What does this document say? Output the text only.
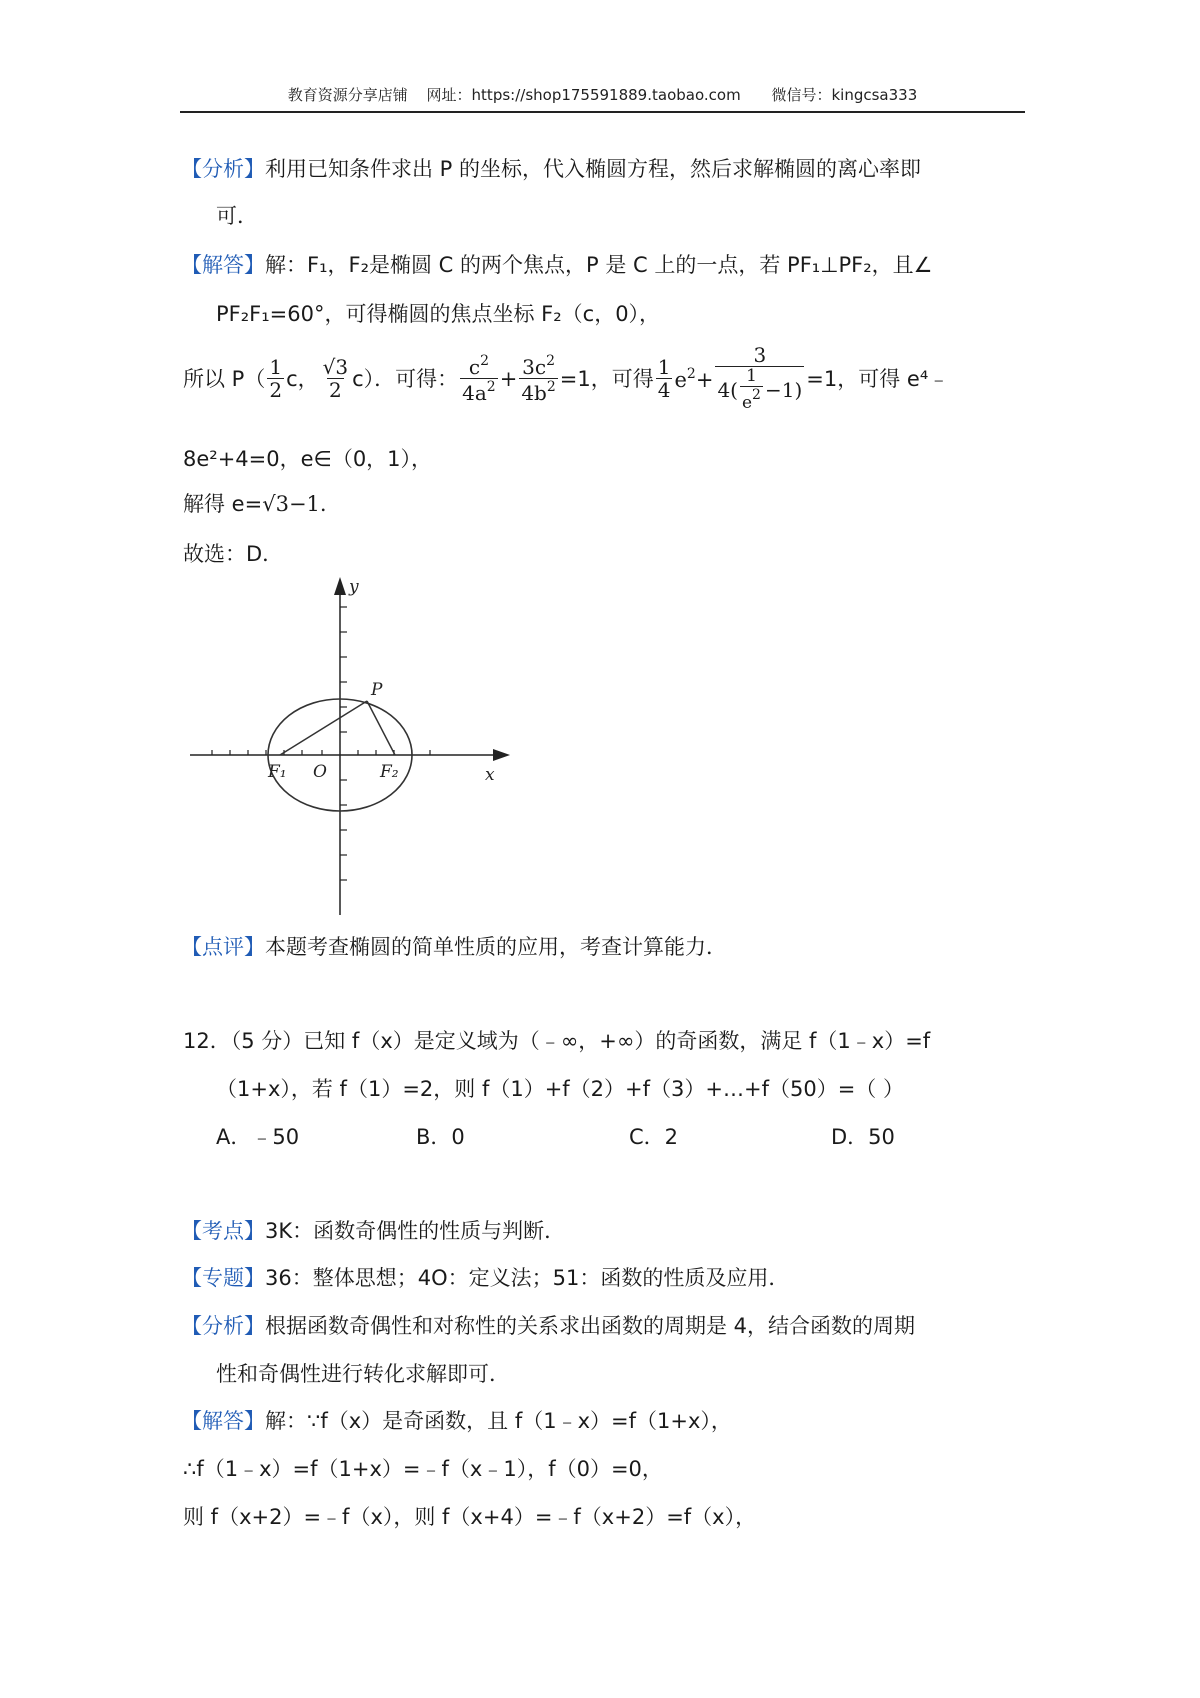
教育资源分享店铺 网址：https://shop175591889.taobao.com 微信号：kingcsa333
【分析】利用已知条件求出 P 的坐标，代入椭圆方程，然后求解椭圆的离心率即
可．
【解答】解：F₁，F₂是椭圆 C 的两个焦点，P 是 C 上的一点，若 PF₁⊥PF₂，且∠
PF₂F₁=60°，可得椭圆的焦点坐标 F₂（c，0），
所以 $P( \frac{1}{2}$ c， $\frac{√3}{2} c$）．可得： $\frac{c^2}{4a^2} + \frac{3c^2}{4b^2} =1$，可得 $\frac{1}{4} e^2+ \frac{3}{4( \frac{1}{e^2} -1)} =1$，可得 e⁴﹣
8e²+4=0，e∈（0，1），
解得 e=√3−1.
故选：D．
y
x
P
F₁ O	F₂
【点评】本题考查椭圆的简单性质的应用，考查计算能力．
12．（5 分）已知 f（x）是定义域为（﹣∞，+∞）的奇函数，满足 f（1﹣x）=f
（1+x），若 f（1）=2，则 f（1）+f（2）+f（3）+…+f（50）=（ ）
A．﹣50	B．0	C．2	D．50
【考点】3K：函数奇偶性的性质与判断．
【专题】36：整体思想；4O：定义法；51：函数的性质及应用．
【分析】根据函数奇偶性和对称性的关系求出函数的周期是 4，结合函数的周期
性和奇偶性进行转化求解即可．
【解答】解：∵f（x）是奇函数，且 f（1﹣x）=f（1+x），
∴f（1﹣x）=f（1+x）=﹣f（x﹣1），f（0）=0，
则 f（x+2）=﹣f（x），则 f（x+4）=﹣f（x+2）=f（x），
